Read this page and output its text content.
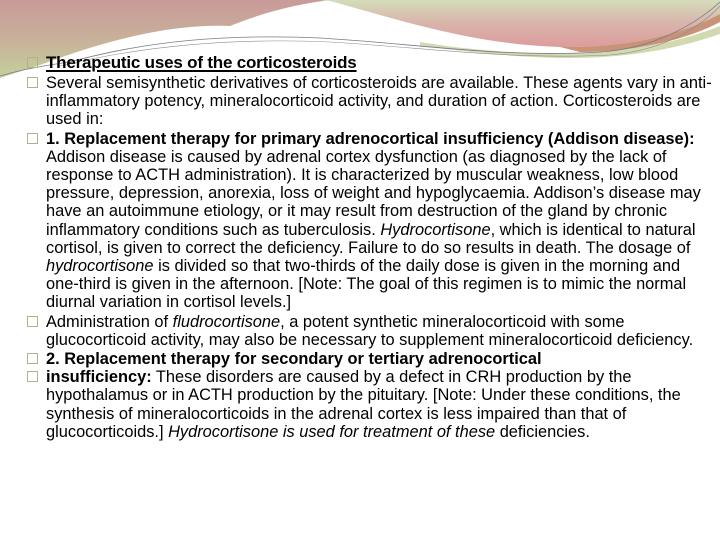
Therapeutic uses of the corticosteroids

Several semisynthetic derivatives of corticosteroids are available. These agents vary in anti-inflammatory potency, mineralocorticoid activity, and duration of action. Corticosteroids are used in:

1. Replacement therapy for primary adrenocortical insufficiency (Addison disease): Addison disease is caused by adrenal cortex dysfunction (as diagnosed by the lack of response to ACTH administration). It is characterized by muscular weakness, low blood pressure, depression, anorexia, loss of weight and hypoglycaemia. Addison’s disease may have an autoimmune etiology, or it may result from destruction of the gland by chronic inflammatory conditions such as tuberculosis. Hydrocortisone, which is identical to natural cortisol, is given to correct the deficiency. Failure to do so results in death. The dosage of hydrocortisone is divided so that two-thirds of the daily dose is given in the morning and one-third is given in the afternoon. [Note: The goal of this regimen is to mimic the normal diurnal variation in cortisol levels.]

Administration of fludrocortisone, a potent synthetic mineralocorticoid with some glucocorticoid activity, may also be necessary to supplement mineralocorticoid deficiency.

2. Replacement therapy for secondary or tertiary adrenocortical

insufficiency: These disorders are caused by a defect in CRH production by the hypothalamus or in ACTH production by the pituitary. [Note: Under these conditions, the synthesis of mineralocorticoids in the adrenal cortex is less impaired than that of glucocorticoids.] Hydrocortisone is used for treatment of these deficiencies.
